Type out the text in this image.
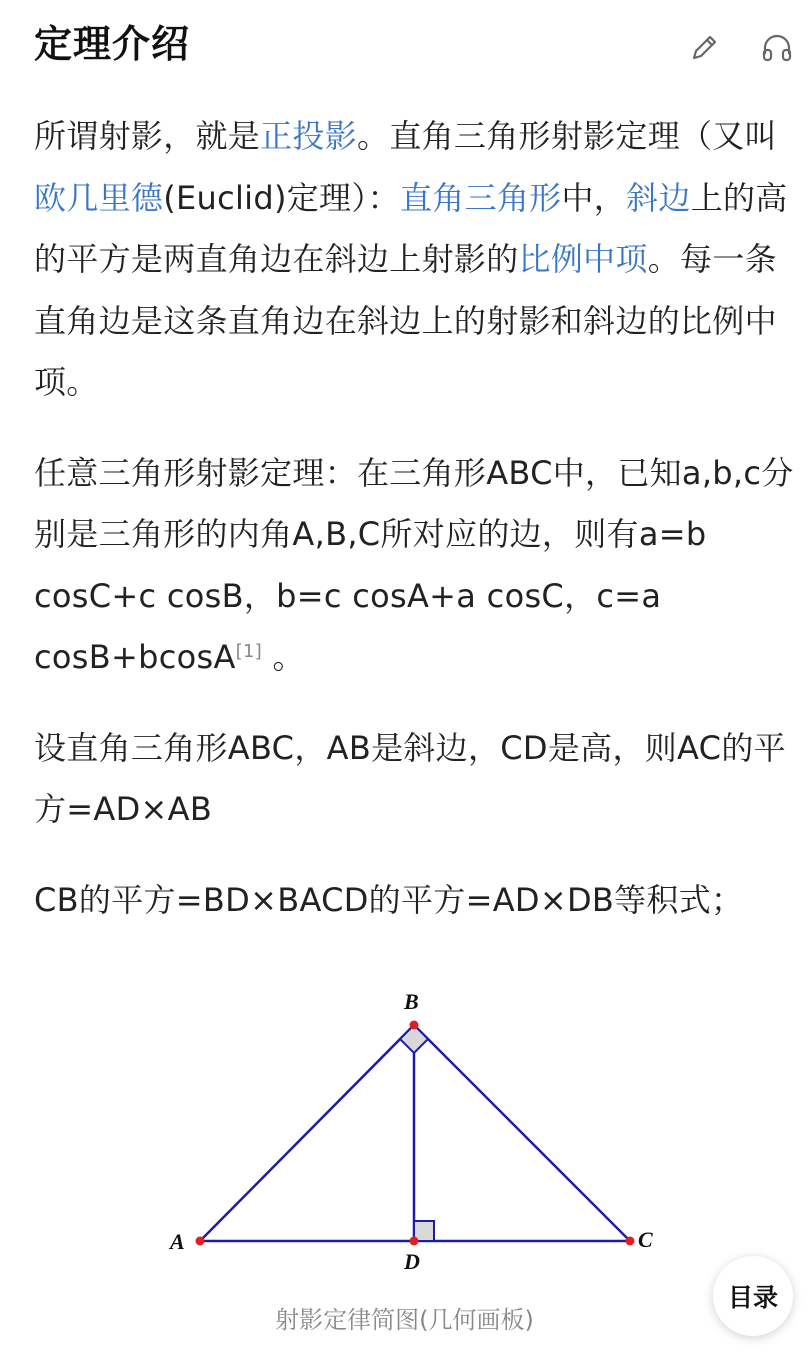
定理介绍

所谓射影，就是正投影。直角三角形射影定理（又叫欧几里德(Euclid)定理）：直角三角形中，斜边上的高的平方是两直角边在斜边上射影的比例中项。每一条直角边是这条直角边在斜边上的射影和斜边的比例中项。

任意三角形射影定理：在三角形ABC中，已知a,b,c分别是三角形的内角A,B,C所对应的边，则有a=b cosC+c cosB，b=c cosA+a cosC，c=a cosB+bcosA[1] 。

设直角三角形ABC，AB是斜边，CD是高，则AC的平方=AD×AB

CB的平方=BD×BACD的平方=AD×DB等积式；

A
B
C
D
射影定律简图(几何画板)
目录
